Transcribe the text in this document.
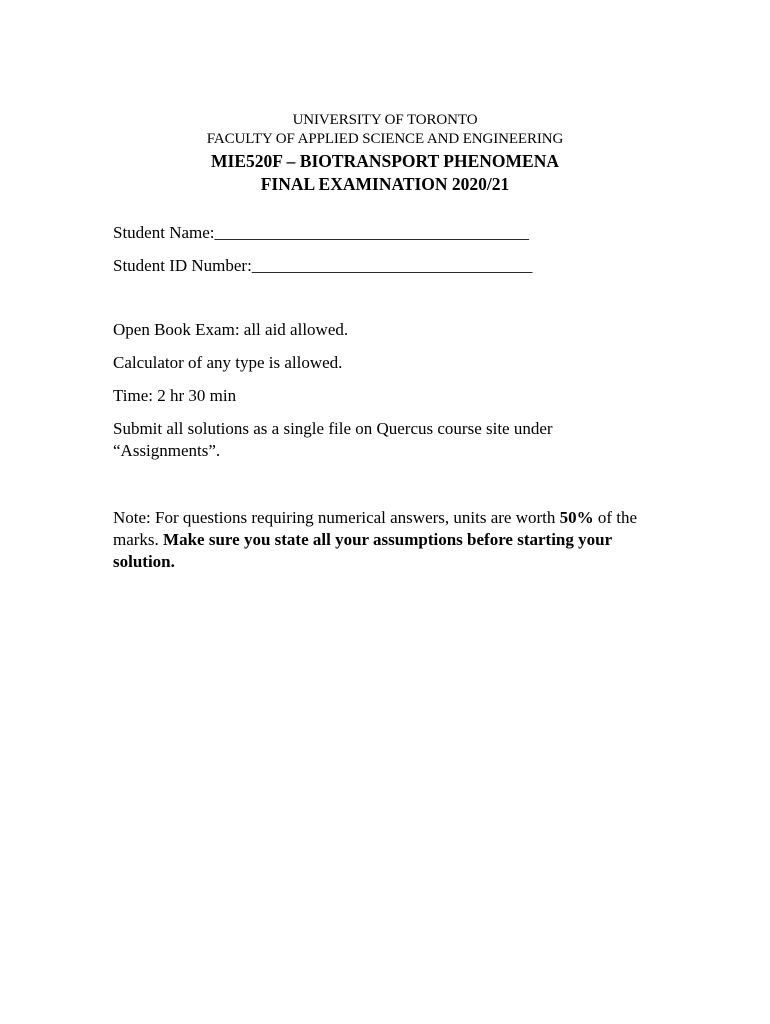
UNIVERSITY OF TORONTO
FACULTY OF APPLIED SCIENCE AND ENGINEERING
MIE520F – BIOTRANSPORT PHENOMENA
FINAL EXAMINATION 2020/21
Student Name:_____________________________________
Student ID Number:_________________________________
Open Book Exam: all aid allowed.
Calculator of any type is allowed.
Time: 2 hr 30 min
Submit all solutions as a single file on Quercus course site under “Assignments”.
Note: For questions requiring numerical answers, units are worth 50% of the marks. Make sure you state all your assumptions before starting your solution.
